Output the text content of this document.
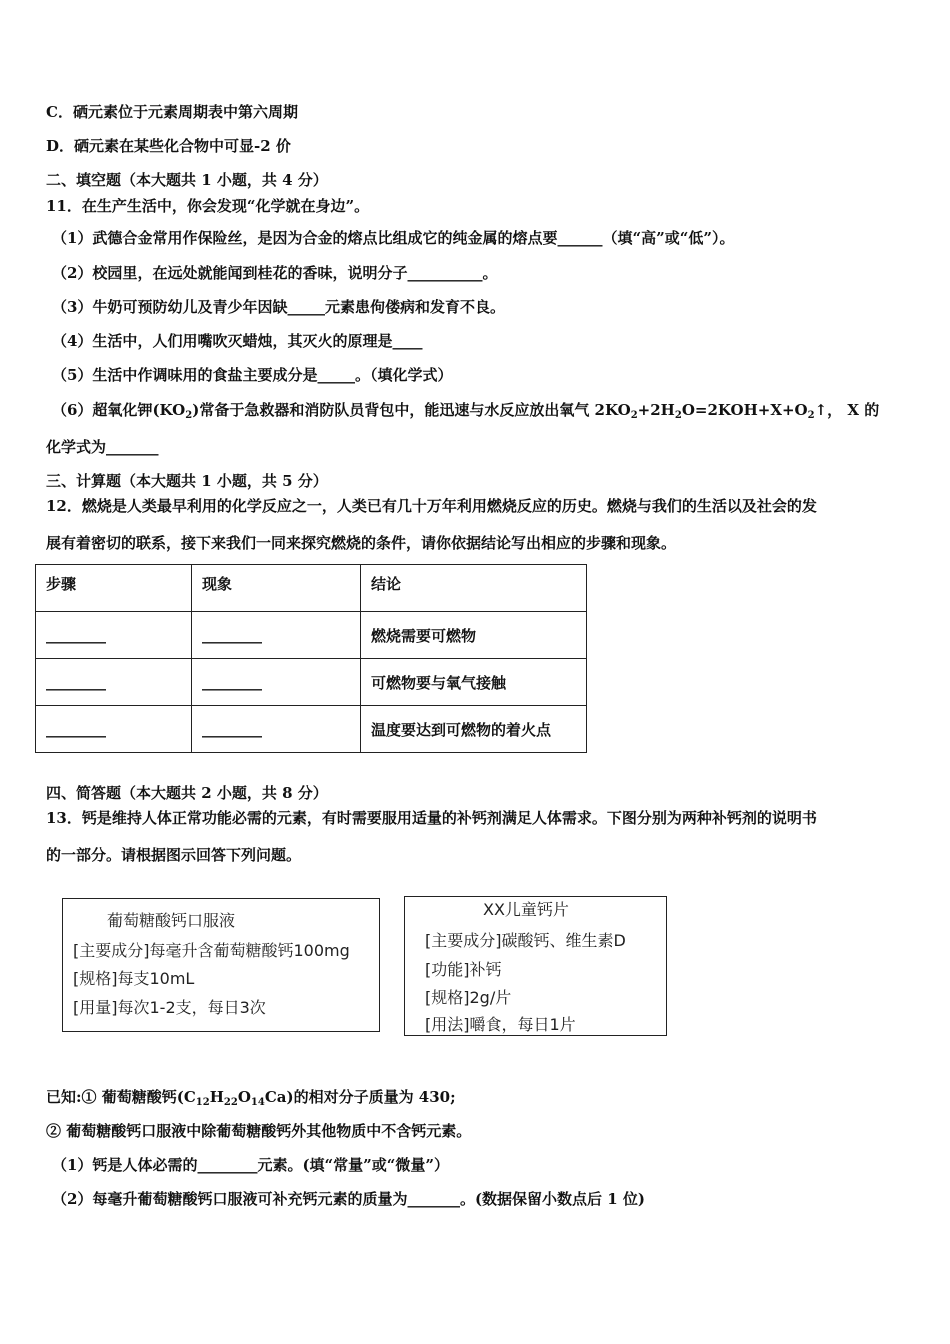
C．硒元素位于元素周期表中第六周期
D．硒元素在某些化合物中可显-2 价
二、填空题（本大题共 1 小题，共 4 分）
11．在生产生活中，你会发现“化学就在身边”。
（1）武德合金常用作保险丝，是因为合金的熔点比组成它的纯金属的熔点要______（填“高”或“低”）。
（2）校园里，在远处就能闻到桂花的香味，说明分子__________。
（3）牛奶可预防幼儿及青少年因缺_____元素患佝偻病和发育不良。
（4）生活中，人们用嘴吹灭蜡烛，其灭火的原理是____
（5）生活中作调味用的食盐主要成分是_____。（填化学式）
（6）超氧化钾$(KO_2)$常备于急救器和消防队员背包中，能迅速与水反应放出氧气 $2KO_2+2H_2O=2KOH+X+O_2↑$， X 的
化学式为_______
三、计算题（本大题共 1 小题，共 5 分）
12．燃烧是人类最早利用的化学反应之一，人类已有几十万年利用燃烧反应的历史。燃烧与我们的生活以及社会的发
展有着密切的联系，接下来我们一同来探究燃烧的条件，请你依据结论写出相应的步骤和现象。
步骤	现象	结论
________	________	燃烧需要可燃物
________	________	可燃物要与氧气接触
________	________	温度要达到可燃物的着火点
四、简答题（本大题共 2 小题，共 8 分）
13．钙是维持人体正常功能必需的元素，有时需要服用适量的补钙剂满足人体需求。下图分别为两种补钙剂的说明书
的一部分。请根据图示回答下列问题。
葡萄糖酸钙口服液
[主要成分]每毫升含葡萄糖酸钙100mg
[规格]每支10mL
[用量]每次1-2支，每日3次
XX儿童钙片
[主要成分]碳酸钙、维生素D
[功能]补钙
[规格]2g/片
[用法]嚼食，每日1片
已知:① 葡萄糖酸钙$(C_{12}H_{22}O_{14}Ca)$的相对分子质量为 430;
② 葡萄糖酸钙口服液中除葡萄糖酸钙外其他物质中不含钙元素。
（1）钙是人体必需的________元素。(填“常量”或“微量”）
（2）每毫升葡萄糖酸钙口服液可补充钙元素的质量为_______。(数据保留小数点后 1 位)
